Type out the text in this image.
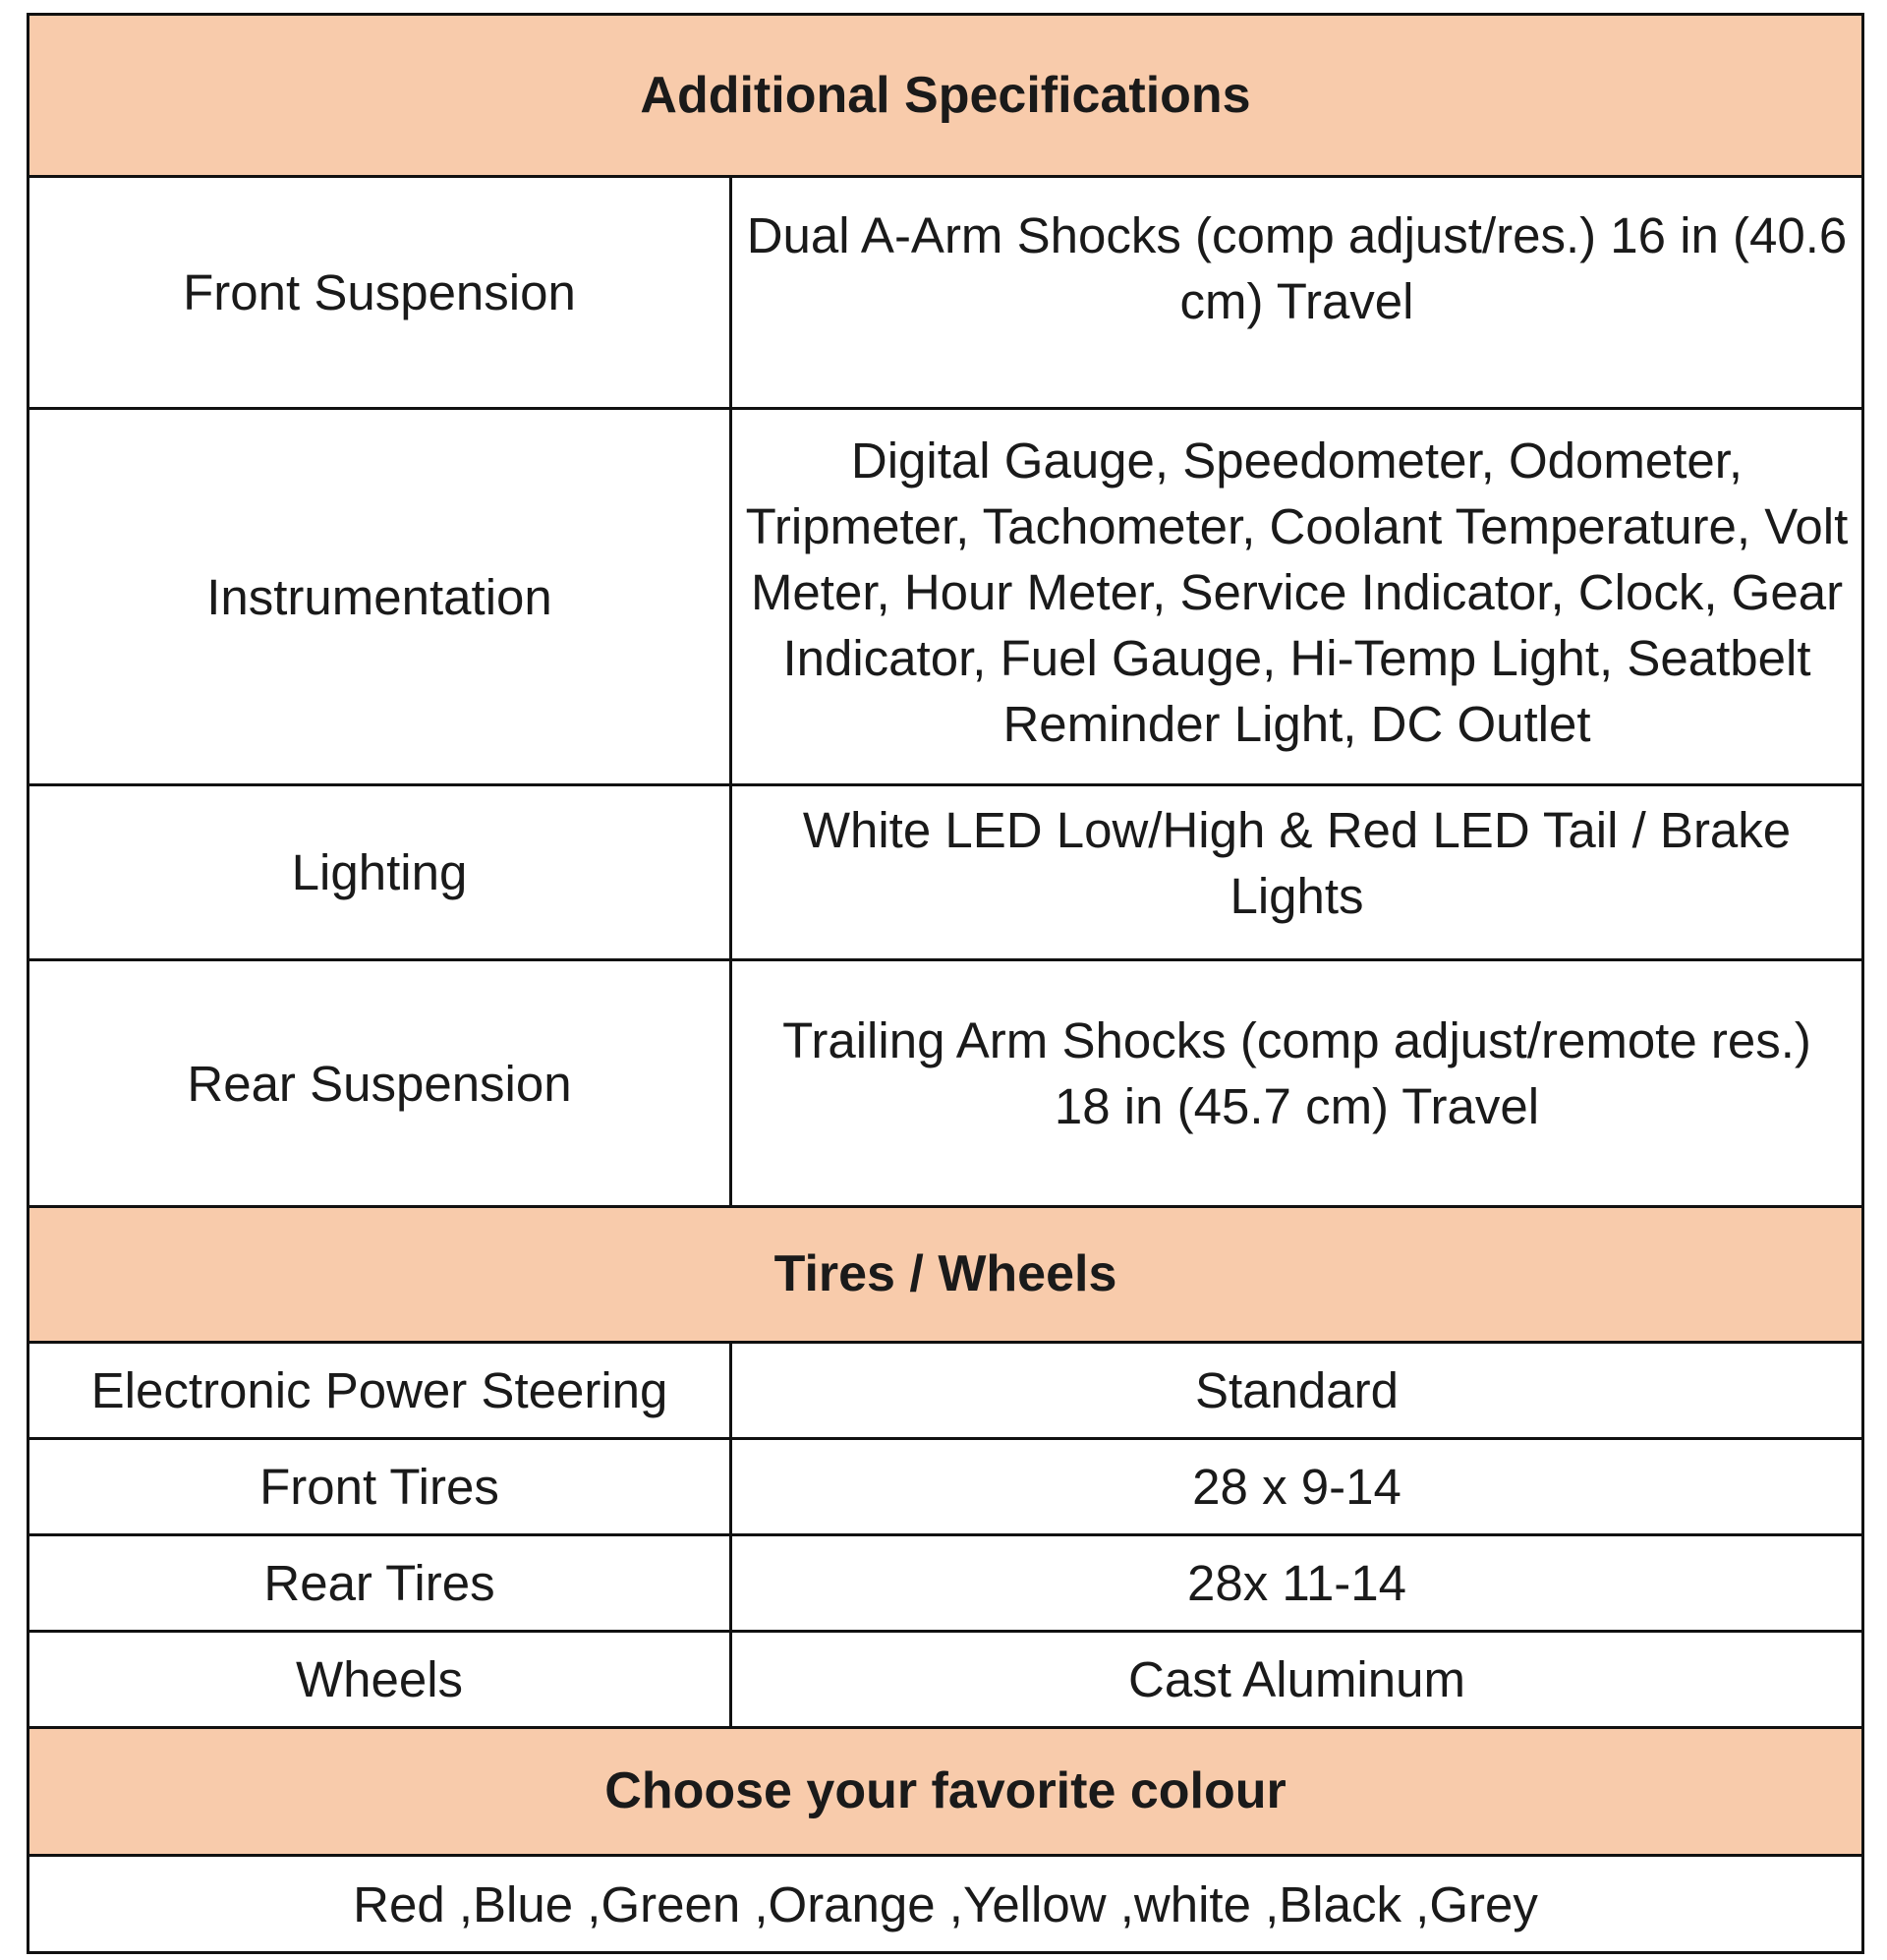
Additional Specifications	
Front Suspension	Dual A-Arm Shocks (comp adjust/res.) 16 in (40.6 cm) Travel
Instrumentation	Digital Gauge, Speedometer, Odometer, Tripmeter, Tachometer, Coolant Temperature, Volt Meter, Hour Meter, Service Indicator, Clock, Gear Indicator, Fuel Gauge, Hi-Temp Light, Seatbelt Reminder Light, DC Outlet
Lighting	White LED Low/High & Red LED Tail / Brake Lights
Rear Suspension	Trailing Arm Shocks (comp adjust/remote res.) 18 in (45.7 cm) Travel
Tires / Wheels	
Electronic Power Steering	Standard
Front Tires	28 x 9-14
Rear Tires	28x 11-14
Wheels	Cast Aluminum
Choose your favorite colour	
Red ,Blue ,Green ,Orange ,Yellow ,white ,Black ,Grey	
